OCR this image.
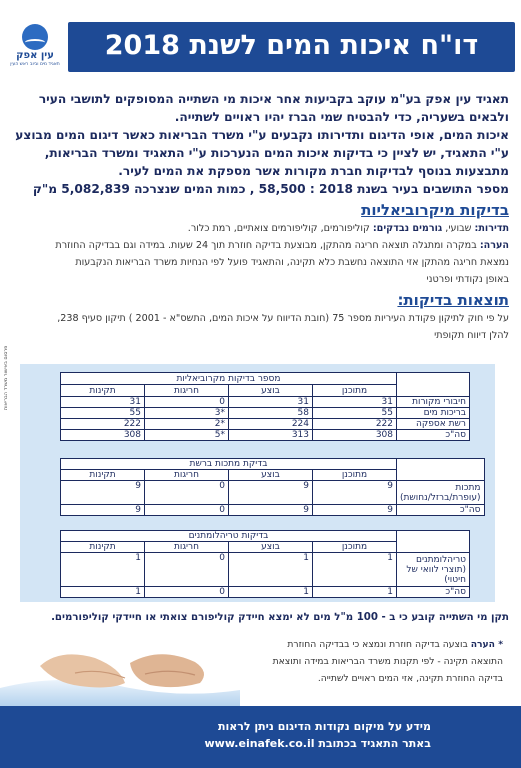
דו"ח איכות המים לשנת 2018
עין אפק
תאגיד מים וביוב ראש העין
פרסום באישור משרד הבריאות

תאגיד עין אפק בע"מ עוקב בקביעות אחר איכות מי השתייה המסופקים לתושבי העיר

ולבאים בשעריה, כדי להבטיח שמי הברז יהיו ראויים לשתייה.

איכות המים, אופי הדיגום ותדירותו נקבעים ע"י משרד הבריאות כאשר דיגום המים מבוצע

ע"י התאגיד, יש לציין כי בדיקות איכות המים הנערכות ע"י התאגיד ומשרד הבריאות,

מתבצעות בנוסף לבדיקות חברת מקורות אשר מספקת את המים לעיר.

מספר התושבים בעיר בשנת 2018 : 58,500 , כמות המים שנצרכה 5,082,839 מ"ק

בדיקות מיקרוביאליות
תדירות: שבועי, גורמים נבדקים: קוליפורמים, קוליפורמים צואתיים, רמת כלור.
הערה: במקרה ומתגלה תוצאה חריגה מהתקן, מבוצעת בדיקה חוזרת תוך 24 שעות. במידה וגם בבדיקה החוזרת
נמצאת חריגה מהתקן אזי התוצאה נחשבת כלא תקינה, והתאגיד פועל לפי הנחיות משרד הבריאות הנקבעות
באופן נקודתי ופרטני
תוצאות בדיקות:
על פי חוק לתיקון פקודת העיריות מספר 75 (חובת הדיווח על איכות המים, התשס"א - 2001 ) תיקון סעיף 238,
להלן דיווח תקופתי
	מספר בדיקות מקרוביאליות			
	מתוכנן	בוצע	חריגות	תקינות
חיבורי מקורות	31	31	0	31
בריכות מים	55	58	*3	55
רשת אספקה	222	224	*2	222
סה"כ	308	313	*5	308
	בדיקת מתכות ברשת			
	מתוכנן	בוצע	חריגות	תקינות
מתכות (עופרת/ברזל/נחושת)	9	9	0	9
סה"כ	9	9	0	9
	בדיקות טריהלומתנים			
	מתוכנן	בוצע	חריגות	תקינות
טריהלומתנים (תוצרי לוואי של חיטוי)	1	1	0	1
סה"כ	1	1	0	1
תקן מי השתייה קובע כי ב - 100 מ"ל מים לא ימצא חיידק קוליפורם צואתי או חיידקי קוליפורמים.
* הערה בוצעה בדיקה חוזרת ונמצא כי בבדיקה החוזרת
התוצאה תקינה - לפי תקנות משרד הבריאות במידה ותוצאת
בדיקה החוזרת תקינה, אזי המים ראויים לשתייה.
מידע על מיקום נקודות הדיגום ניתן לראות
באתר התאגיד בכתובת www.einafek.co.il
